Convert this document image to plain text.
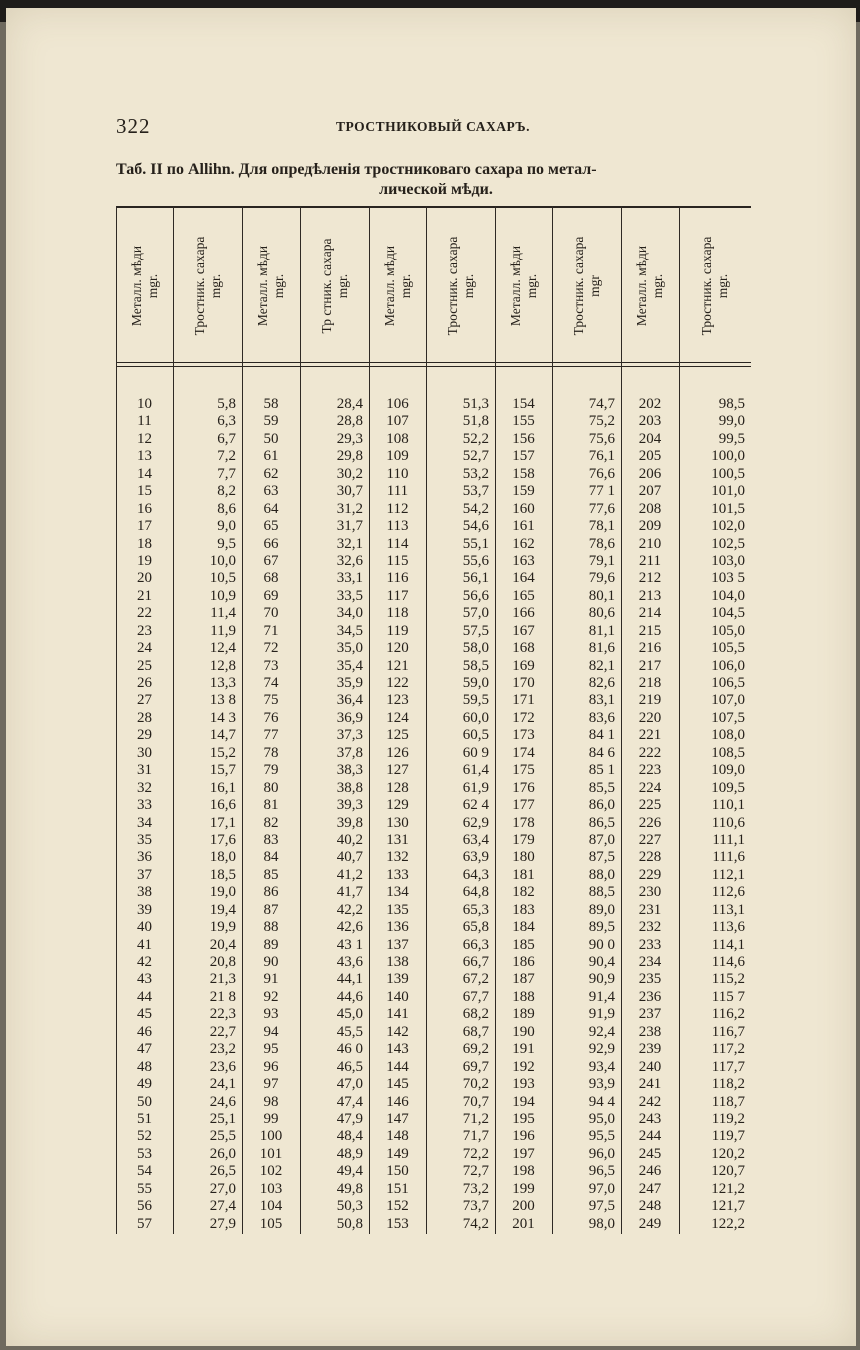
322	ТРОСТНИКОВЫЙ САХАРЪ.
Таб. II по Allihn. Для опредѣленія тростниковаго сахара по метал-
лической мѣди.
Металл. мѣди
mgr.
10
11
12
13
14
15
16
17
18
19
20
21
22
23
24
25
26
27
28
29
30
31
32
33
34
35
36
37
38
39
40
41
42
43
44
45
46
47
48
49
50
51
52
53
54
55
56
57
Тростник. сахара
mgr.
5,8
6,3
6,7
7,2
7,7
8,2
8,6
9,0
9,5
10,0
10,5
10,9
11,4
11,9
12,4
12,8
13,3
13 8
14 3
14,7
15,2
15,7
16,1
16,6
17,1
17,6
18,0
18,5
19,0
19,4
19,9
20,4
20,8
21,3
21 8
22,3
22,7
23,2
23,6
24,1
24,6
25,1
25,5
26,0
26,5
27,0
27,4
27,9
Металл. мѣди
mgr.
58
59
50
61
62
63
64
65
66
67
68
69
70
71
72
73
74
75
76
77
78
79
80
81
82
83
84
85
86
87
88
89
90
91
92
93
94
95
96
97
98
99
100
101
102
103
104
105
Тр стник. сахара
mgr.
28,4
28,8
29,3
29,8
30,2
30,7
31,2
31,7
32,1
32,6
33,1
33,5
34,0
34,5
35,0
35,4
35,9
36,4
36,9
37,3
37,8
38,3
38,8
39,3
39,8
40,2
40,7
41,2
41,7
42,2
42,6
43 1
43,6
44,1
44,6
45,0
45,5
46 0
46,5
47,0
47,4
47,9
48,4
48,9
49,4
49,8
50,3
50,8
Металл. мѣди
mgr.
106
107
108
109
110
111
112
113
114
115
116
117
118
119
120
121
122
123
124
125
126
127
128
129
130
131
132
133
134
135
136
137
138
139
140
141
142
143
144
145
146
147
148
149
150
151
152
153
Тростник. сахара
mgr.
51,3
51,8
52,2
52,7
53,2
53,7
54,2
54,6
55,1
55,6
56,1
56,6
57,0
57,5
58,0
58,5
59,0
59,5
60,0
60,5
60 9
61,4
61,9
62 4
62,9
63,4
63,9
64,3
64,8
65,3
65,8
66,3
66,7
67,2
67,7
68,2
68,7
69,2
69,7
70,2
70,7
71,2
71,7
72,2
72,7
73,2
73,7
74,2
Металл. мѣди
mgr.
154
155
156
157
158
159
160
161
162
163
164
165
166
167
168
169
170
171
172
173
174
175
176
177
178
179
180
181
182
183
184
185
186
187
188
189
190
191
192
193
194
195
196
197
198
199
200
201
Тростник. сахара
mgr
74,7
75,2
75,6
76,1
76,6
77 1
77,6
78,1
78,6
79,1
79,6
80,1
80,6
81,1
81,6
82,1
82,6
83,1
83,6
84 1
84 6
85 1
85,5
86,0
86,5
87,0
87,5
88,0
88,5
89,0
89,5
90 0
90,4
90,9
91,4
91,9
92,4
92,9
93,4
93,9
94 4
95,0
95,5
96,0
96,5
97,0
97,5
98,0
Металл. мѣди
mgr.
202
203
204
205
206
207
208
209
210
211
212
213
214
215
216
217
218
219
220
221
222
223
224
225
226
227
228
229
230
231
232
233
234
235
236
237
238
239
240
241
242
243
244
245
246
247
248
249
Тростник. сахара
mgr.
98,5
99,0
99,5
100,0
100,5
101,0
101,5
102,0
102,5
103,0
103 5
104,0
104,5
105,0
105,5
106,0
106,5
107,0
107,5
108,0
108,5
109,0
109,5
110,1
110,6
111,1
111,6
112,1
112,6
113,1
113,6
114,1
114,6
115,2
115 7
116,2
116,7
117,2
117,7
118,2
118,7
119,2
119,7
120,2
120,7
121,2
121,7
122,2
